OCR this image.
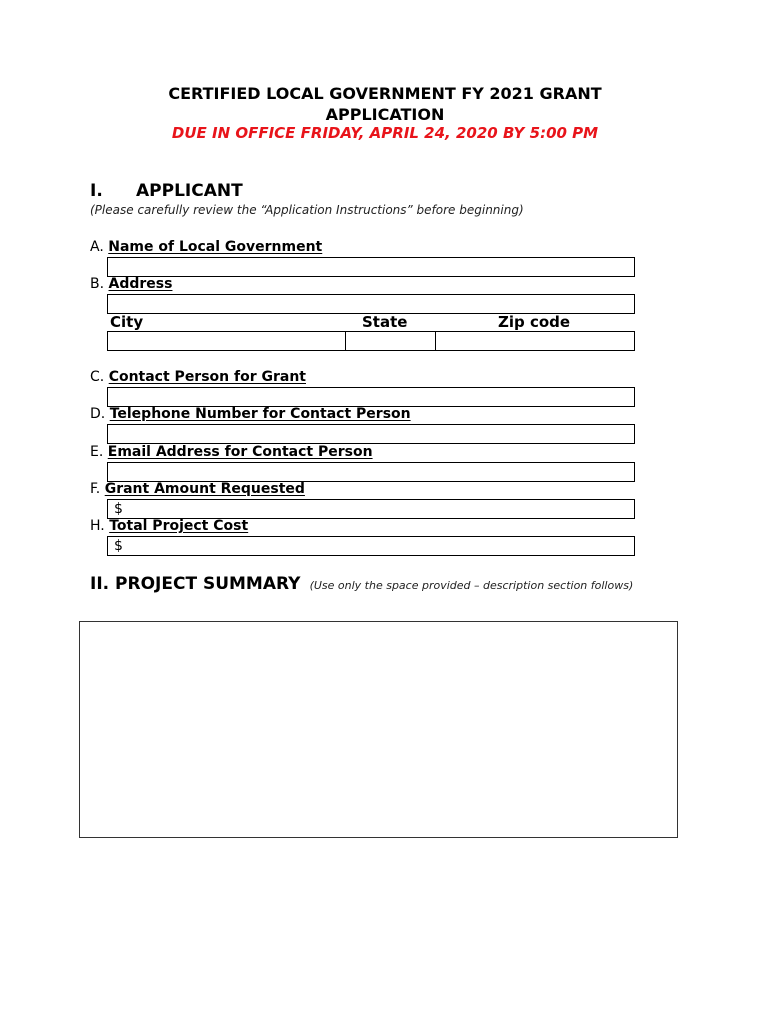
CERTIFIED LOCAL GOVERNMENT FY 2021 GRANT
APPLICATION
DUE IN OFFICE FRIDAY, APRIL 24, 2020 BY 5:00 PM
I. APPLICANT
(Please carefully review the “Application Instructions” before beginning)
A. Name of Local Government
B. Address
City	State	Zip code
C. Contact Person for Grant
D. Telephone Number for Contact Person
E. Email Address for Contact Person
F. Grant Amount Requested
$
H. Total Project Cost
$
II. PROJECT SUMMARY (Use only the space provided – description section follows)
